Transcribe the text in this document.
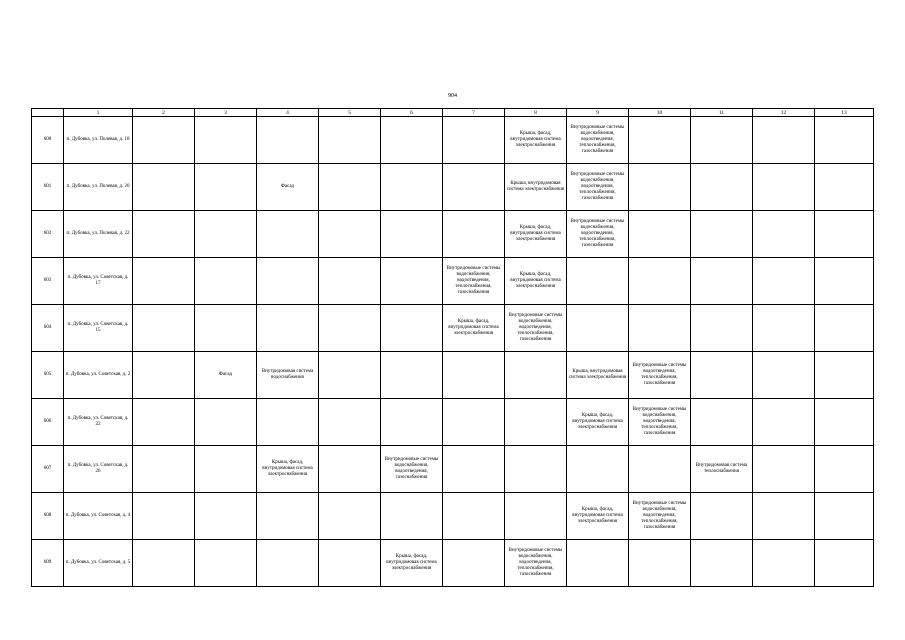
904
	1	2	3	4	5	6	7	8	9	10	11	12	13
600	п. Дубовка, ул. Полевая, д. 18							Крыша, фасад, внутридомовая система электроснабжения	Внутридомовые системы водоснабжения, водоотведения, теплоснабжения, газоснабжения				
601	п. Дубовка, ул. Полевая, д. 20			Фасад				Крыша, внутридомовая система электроснабжения	Внутридомовые системы водоснабжения, водоотведения, теплоснабжения, газоснабжения				
602	п. Дубовка, ул. Полевая, д. 22							Крыша, фасад, внутридомовая система электроснабжения	Внутридомовые системы водоснабжения, водоотведения, теплоснабжения, газоснабжения				
603	п. Дубовка, ул. Советская, д. 17						Внутридомовые системы водоснабжения, водоотведения, теплоснабжения, газоснабжения	Крыша, фасад, внутридомовая система электроснабжения					
604	п. Дубовка, ул. Советская, д. 15						Крыша, фасад, внутридомовая система электроснабжения	Внутридомовые системы водоснабжения, водоотведения, теплоснабжения, газоснабжения					
605	п. Дубовка, ул. Советская, д. 2		Фасад	Внутридомовая система водоснабжения					Крыша, внутридомовая система электроснабжения	Внутридомовые системы водоотведения, теплоснабжения, газоснабжения			
606	п. Дубовка, ул. Советская, д. 22								Крыша, фасад, внутридомовая система электроснабжения	Внутридомовые системы водоснабжения, водоотведения, теплоснабжения, газоснабжения			
607	п. Дубовка, ул. Советская, д. 26			Крыша, фасад, внутридомовая система электроснабжения		Внутридомовые системы водоснабжения, водоотведения, газоснабжения					Внутридомовая система теплоснабжения		
608	п. Дубовка, ул. Советская, д. 4								Крыша, фасад, внутридомовая система электроснабжения	Внутридомовые системы водоснабжения, водоотведения, теплоснабжения, газоснабжения			
609	п. Дубовка, ул. Советская, д. 5					Крыша, фасад, внутридомовая система электроснабжения		Внутридомовые системы водоснабжения, водоотведения, теплоснабжения, газоснабжения					
